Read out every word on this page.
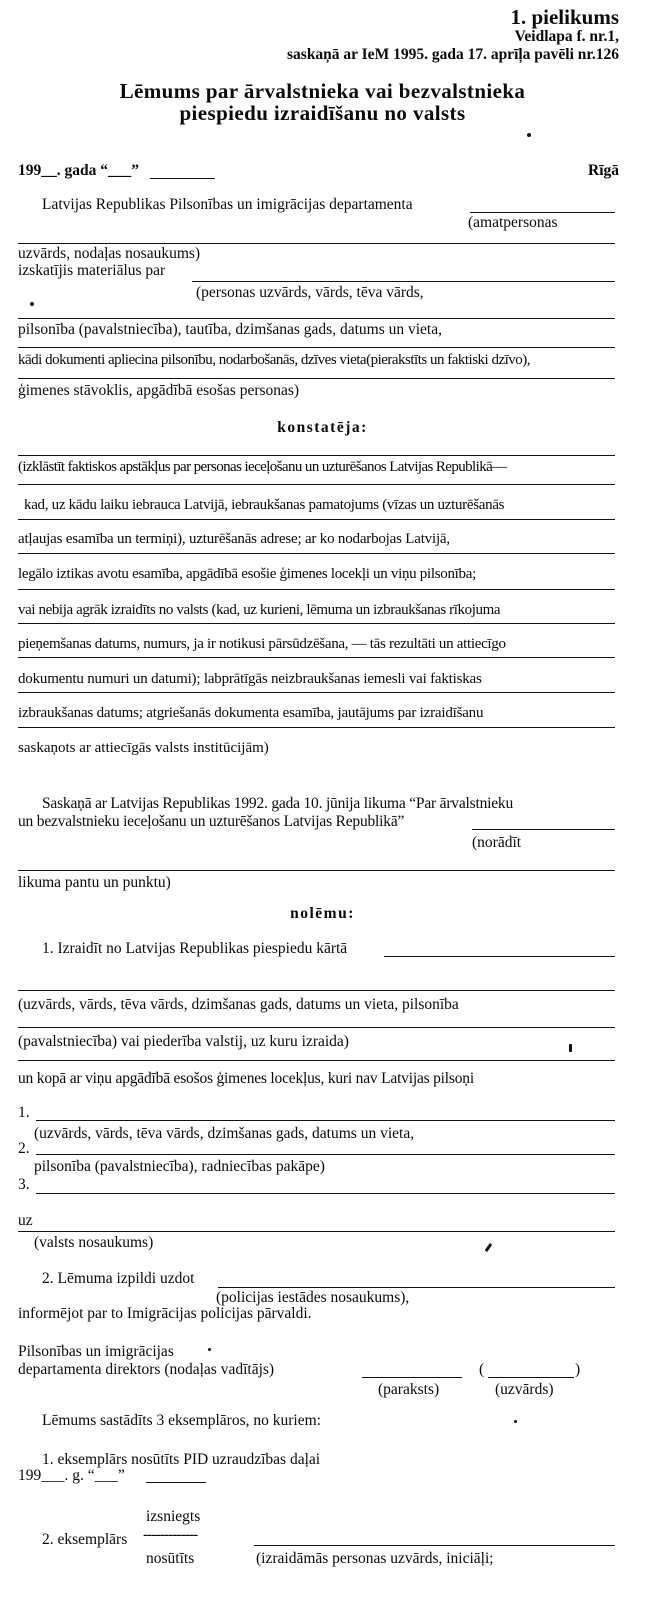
1. pielikums
Veidlapa f. nr.1,
saskaņā ar IeM 1995. gada 17. aprīļa pavēli nr.126
Lēmums par ārvalstnieka vai bezvalstnieka
piespiedu izraidīšanu no valsts
199__. gada “___”	Rīgā
Latvijas Republikas Pilsonības un imigrācijas departamenta
(amatpersonas
uzvārds, nodaļas nosaukums)
izskatījis materiālus par
(personas uzvārds, vārds, tēva vārds,
pilsonība (pavalstniecība), tautība, dzimšanas gads, datums un vieta,
kādi dokumenti apliecina pilsonību, nodarbošanās, dzīves vieta(pierakstīts un faktiski dzīvo),
ģimenes stāvoklis, apgādībā esošas personas)
konstatēja:
(izklāstīt faktiskos apstākļus par personas ieceļošanu un uzturēšanos Latvijas Republikā—
kad, uz kādu laiku iebrauca Latvijā, iebraukšanas pamatojums (vīzas un uzturēšanās
atļaujas esamība un termiņi), uzturēšanās adrese; ar ko nodarbojas Latvijā,
legālo iztikas avotu esamība, apgādībā esošie ģimenes locekļi un viņu pilsonība;
vai nebija agrāk izraidīts no valsts (kad, uz kurieni, lēmuma un izbraukšanas rīkojuma
pieņemšanas datums, numurs, ja ir notikusi pārsūdzēšana, — tās rezultāti un attiecīgo
dokumentu numuri un datumi); labprātīgās neizbraukšanas iemesli vai faktiskas
izbraukšanas datums; atgriešanās dokumenta esamība, jautājums par izraidīšanu
saskaņots ar attiecīgās valsts institūcijām)
Saskaņā ar Latvijas Republikas 1992. gada 10. jūnija likuma “Par ārvalstnieku
un bezvalstnieku ieceļošanu un uzturēšanos Latvijas Republikā”
(norādīt
likuma pantu un punktu)
nolēmu:
1. Izraidīt no Latvijas Republikas piespiedu kārtā
(uzvārds, vārds, tēva vārds, dzimšanas gads, datums un vieta, pilsonība
(pavalstniecība) vai piederība valstij, uz kuru izraida)
un kopā ar viņu apgādībā esošos ģimenes locekļus, kuri nav Latvijas pilsoņi
1.
(uzvārds, vārds, tēva vārds, dzimšanas gads, datums un vieta,
2.
pilsonība (pavalstniecība), radniecības pakāpe)
3.
uz
(valsts nosaukums)
2. Lēmuma izpildi uzdot
(policijas iestādes nosaukums),
informējot par to Imigrācijas policijas pārvaldi.
Pilsonības un imigrācijas
departamenta direktors (nodaļas vadītājs)	(	)
(paraksts)	(uzvārds)
Lēmums sastādīts 3 eksemplāros, no kuriem:
1. eksemplārs nosūtīts PID uzraudzības daļai
199___. g. “___”
izsniegts
2. eksemplārs -------------
nosūtīts	(izraidāmās personas uzvārds, iniciāļi;
